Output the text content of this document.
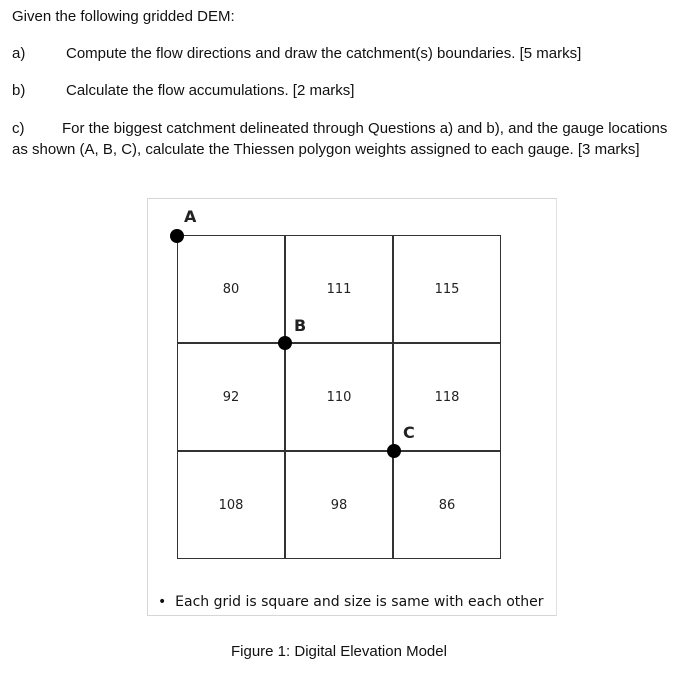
Given the following gridded DEM:
a)	Compute the flow directions and draw the catchment(s) boundaries. [5 marks]
b)	Calculate the flow accumulations. [2 marks]
c)	For the biggest catchment delineated through Questions a) and b), and the gauge locations as shown (A, B, C), calculate the Thiessen polygon weights assigned to each gauge. [3 marks]
80	111	115
92	110	118
108	98	86
A
B
C
•  Each grid is square and size is same with each other
Figure 1: Digital Elevation Model
